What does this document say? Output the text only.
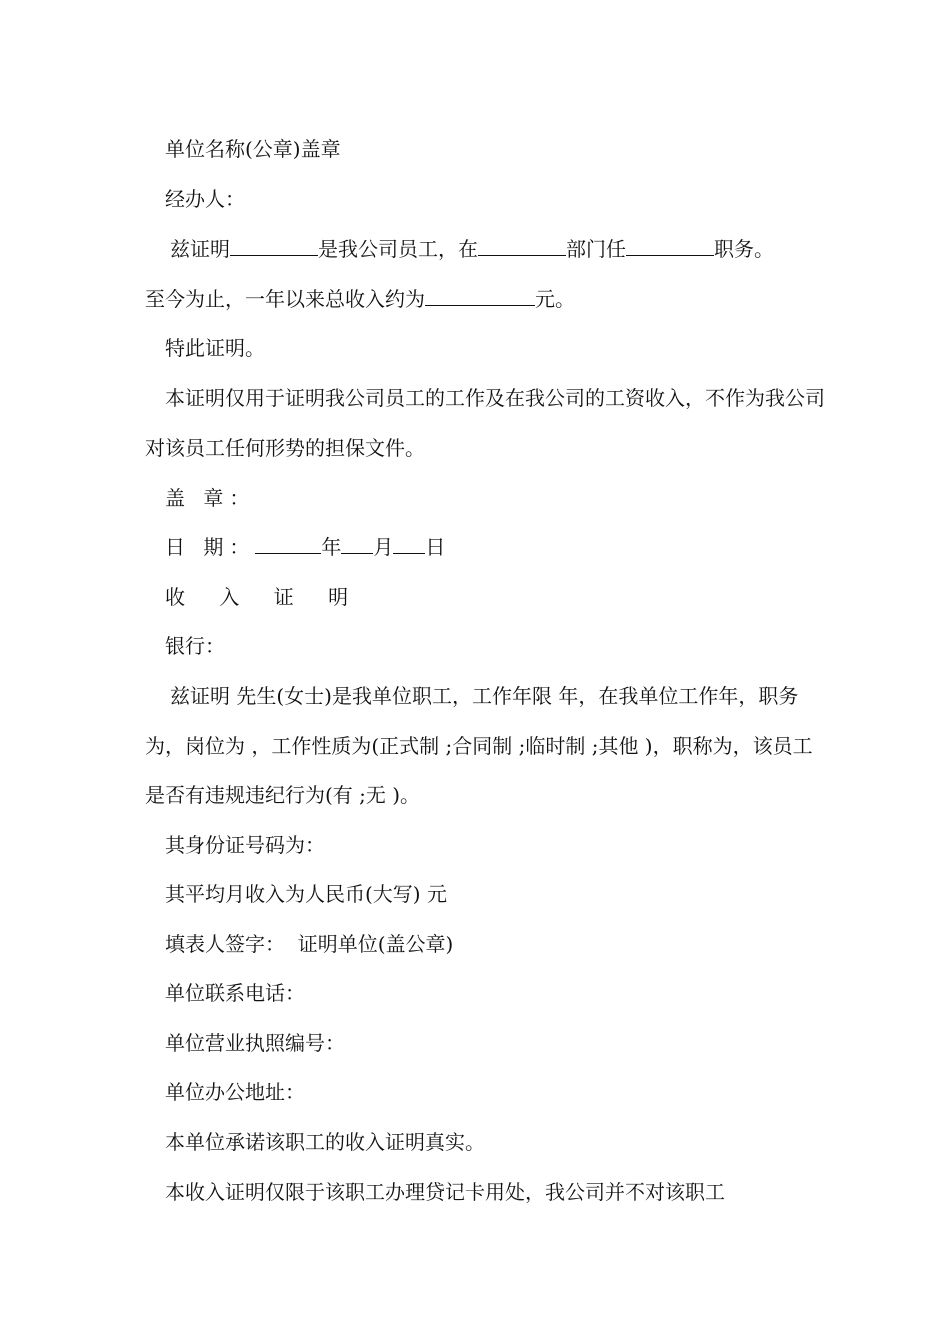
单位名称(公章)盖章

经办人：

兹证明	是我公司员工，在	部门任	职务。
至今为止，一年以来总收入约为	元。

特此证明。

本证明仅用于证明我公司员工的工作及在我公司的工资收入，不作为我公司对该员工任何形势的担保文件。

盖 章：

日 期：	年 月 日

收 入 证 明

银行：

兹证明 先生(女士)是我单位职工，工作年限 年，在我单位工作年，职务为，岗位为 ，工作性质为(正式制 ;合同制 ;临时制 ;其他 )，职称为，该员工是否有违规违纪行为(有 ;无 )。

其身份证号码为：

其平均月收入为人民币(大写) 元

填表人签字：  证明单位(盖公章)

单位联系电话：

单位营业执照编号：

单位办公地址：

本单位承诺该职工的收入证明真实。

本收入证明仅限于该职工办理贷记卡用处，我公司并不对该职工
